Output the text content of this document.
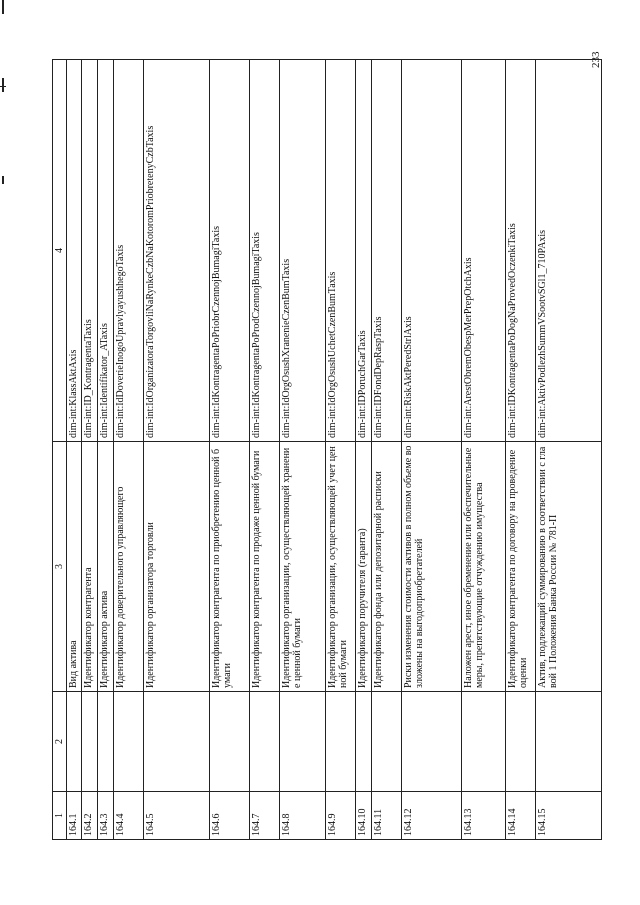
233
1	2	3	4
164.1		Вид актива	dim-int:KlassAktAxis
164.2		Идентификатор контрагента	dim-int:ID_KontragentaTaxis
164.3		Идентификатор актива	dim-int:Identifikator_ATaxis
164.4		Идентификатор доверительного управляющего	dim-int:IdDoverieInogoUpravlyayushhegoTaxis
164.5		Идентификатор организатора торговли	dim-int:IdOrganizatoraTorgovliNaRynkeCzbNaKotoromPriobretenyCzbTaxis
164.6		Идентификатор контрагента по приобретению ценной бумаги	dim-int:IdKontragentaPoPriobrCzennojBumagiTaxis
164.7		Идентификатор контрагента по продаже ценной бумаги	dim-int:IdKontragentaPoProdCzennojBumagiTaxis
164.8		Идентификатор организации, осуществляющей хранение ценной бумаги	dim-int:IdOrgOsushXranenieCzenBumTaxis
164.9		Идентификатор организации, осуществляющей учет ценной бумаги	dim-int:IdOrgOsushUchetCzenBumTaxis
164.10		Идентификатор поручителя (гаранта)	dim-int:IDPoruchGarTaxis
164.11		Идентификатор фонда или депозитарной расписки	dim-int:IDFondDepRaspTaxis
164.12		Риски изменения стоимости активов в полном объеме возложены на выгодоприобретателей	dim-int:RiskAktPeredStrlAxis
164.13		Наложен арест, иное обременение или обеспечительные меры, препятствующие отчуждению имущества	dim-int:ArestObremObespMerPrepOtchAxis
164.14		Идентификатор контрагента по договору на проведение оценки	dim-int:IDKontragentaPoDogNaProvedOczenkiTaxis
164.15		Актив, подлежащий суммированию в соответствии с главой 1 Положения Банка России № 781-П	dim-int:AktivPodlezhSummVSootvSGl1_710PAxis
